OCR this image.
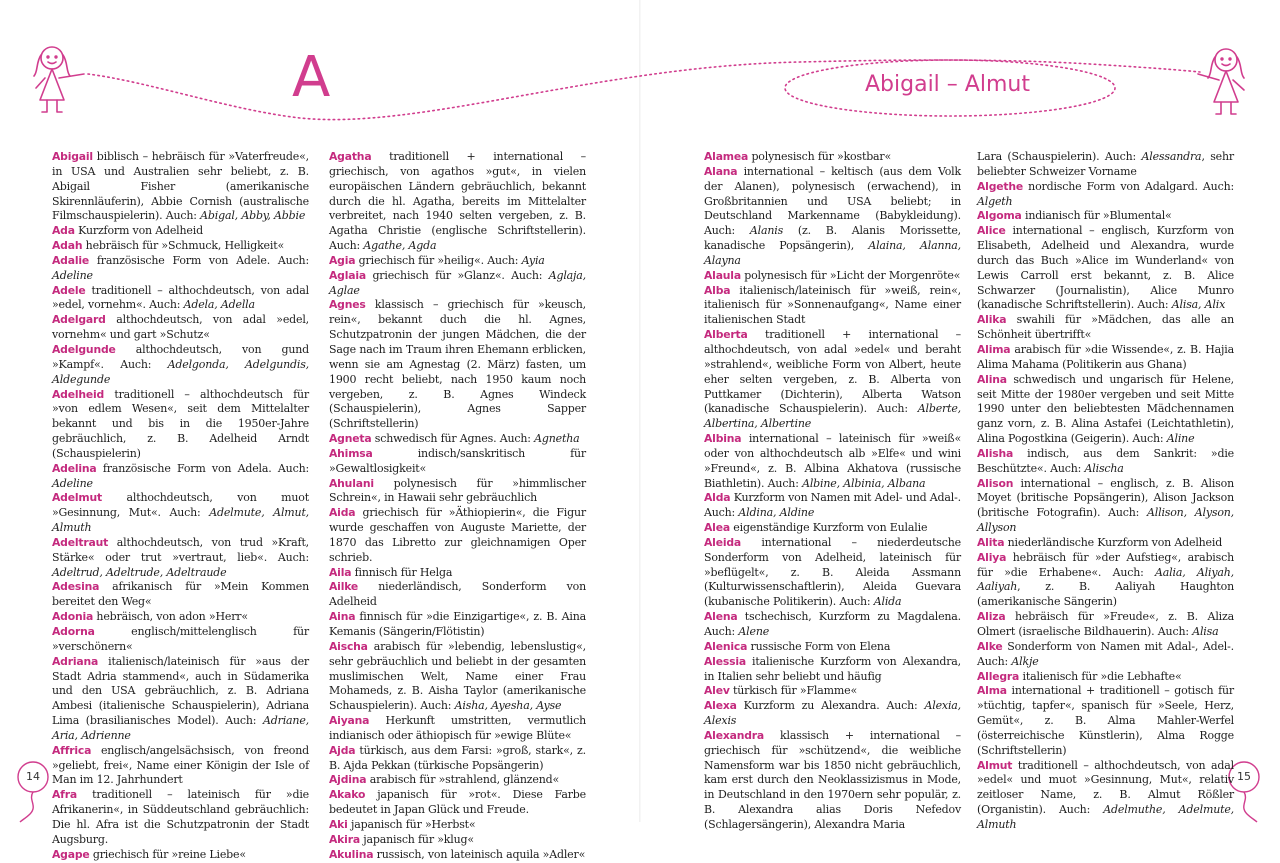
A	Abigail – Almut

Abigail biblisch – hebräisch für »Vaterfreude«, in USA und Australien sehr beliebt, z. B. Abigail Fisher (amerikanische Skirennläuferin), Abbie Cornish (australische Filmschauspielerin). Auch: Abigal, Abby, Abbie

Ada Kurzform von Adelheid

Adah hebräisch für »Schmuck, Helligkeit«

Adalie französische Form von Adele. Auch: Adeline

Adele traditionell – althochdeutsch, von adal »edel, vornehm«. Auch: Adela, Adella

Adelgard althochdeutsch, von adal »edel, vornehm« und gart »Schutz«

Adelgunde althochdeutsch, von gund »Kampf«. Auch: Adelgonda, Adelgundis, Aldegunde

Adelheid traditionell – althochdeutsch für »von edlem Wesen«, seit dem Mittelalter bekannt und bis in die 1950er-Jahre gebräuchlich, z. B. Adelheid Arndt (Schauspielerin)

Adelina französische Form von Adela. Auch: Adeline

Adelmut althochdeutsch, von muot »Gesinnung, Mut«. Auch: Adelmute, Almut, Almuth

Adeltraut althochdeutsch, von trud »Kraft, Stärke« oder trut »vertraut, lieb«. Auch: Adeltrud, Adeltrude, Adeltraude

Adesina afrikanisch für »Mein Kommen bereitet den Weg«

Adonia hebräisch, von adon »Herr«

Adorna englisch/mittelenglisch für »verschönern«

Adriana italienisch/lateinisch für »aus der Stadt Adria stammend«, auch in Südamerika und den USA gebräuchlich, z. B. Adriana Ambesi (italienische Schauspielerin), Adriana Lima (brasilianisches Model). Auch: Adriane, Aria, Adrienne

Affrica englisch/angelsächsisch, von freond »geliebt, frei«, Name einer Königin der Isle of Man im 12. Jahrhundert

Afra traditionell – lateinisch für »die Afrikanerin«, in Süddeutschland gebräuchlich: Die hl. Afra ist die Schutzpatronin der Stadt Augsburg.

Agape griechisch für »reine Liebe«

Agatha traditionell + international – griechisch, von agathos »gut«, in vielen europäischen Ländern gebräuchlich, bekannt durch die hl. Agatha, bereits im Mittelalter verbreitet, nach 1940 selten vergeben, z. B. Agatha Christie (englische Schriftstellerin). Auch: Agathe, Agda

Agia griechisch für »heilig«. Auch: Ayia

Aglaia griechisch für »Glanz«. Auch: Aglaja, Aglae

Agnes klassisch – griechisch für »keusch, rein«, bekannt duch die hl. Agnes, Schutzpatronin der jungen Mädchen, die der Sage nach im Traum ihren Ehemann erblicken, wenn sie am Agnestag (2. März) fasten, um 1900 recht beliebt, nach 1950 kaum noch vergeben, z. B. Agnes Windeck (Schauspielerin), Agnes Sapper (Schriftstellerin)

Agneta schwedisch für Agnes. Auch: Agnetha

Ahimsa indisch/sanskritisch für »Gewaltlosigkeit«

Ahulani polynesisch für »himmlischer Schrein«, in Hawaii sehr gebräuchlich

Aida griechisch für »Äthiopierin«, die Figur wurde geschaffen von Auguste Mariette, der 1870 das Libretto zur gleichnamigen Oper schrieb.

Aila finnisch für Helga

Ailke niederländisch, Sonderform von Adelheid

Aina finnisch für »die Einzigartige«, z. B. Aina Kemanis (Sängerin/Flötistin)

Aischa arabisch für »lebendig, lebenslustig«, sehr gebräuchlich und beliebt in der gesamten muslimischen Welt, Name einer Frau Mohameds, z. B. Aisha Taylor (amerikanische Schauspielerin). Auch: Aisha, Ayesha, Ayse

Aiyana Herkunft umstritten, vermutlich indianisch oder äthiopisch für »ewige Blüte«

Ajda türkisch, aus dem Farsi: »groß, stark«, z. B. Ajda Pekkan (türkische Popsängerin)

Ajdina arabisch für »strahlend, glänzend«

Akako japanisch für »rot«. Diese Farbe bedeutet in Japan Glück und Freude.

Aki japanisch für »Herbst«

Akira japanisch für »klug«

Akulina russisch, von lateinisch aquila »Adler«

Alamea polynesisch für »kostbar«

Alana international – keltisch (aus dem Volk der Alanen), polynesisch (erwachend), in Großbritannien und USA beliebt; in Deutschland Markenname (Babykleidung). Auch: Alanis (z. B. Alanis Morissette, kanadische Popsängerin), Alaina, Alanna, Alayna

Alaula polynesisch für »Licht der Morgenröte«

Alba italienisch/lateinisch für »weiß, rein«, italienisch für »Sonnenaufgang«, Name einer italienischen Stadt

Alberta traditionell + international – althochdeutsch, von adal »edel« und beraht »strahlend«, weibliche Form von Albert, heute eher selten vergeben, z. B. Alberta von Puttkamer (Dichterin), Alberta Watson (kanadische Schauspielerin). Auch: Alberte, Albertina, Albertine

Albina international – lateinisch für »weiß« oder von althochdeutsch alb »Elfe« und wini »Freund«, z. B. Albina Akhatova (russische Biathletin). Auch: Albine, Albinia, Albana

Alda Kurzform von Namen mit Adel- und Adal-. Auch: Aldina, Aldine

Alea eigenständige Kurzform von Eulalie

Aleida international – niederdeutsche Sonderform von Adelheid, lateinisch für »beflügelt«, z. B. Aleida Assmann (Kulturwissenschaftlerin), Aleida Guevara (kubanische Politikerin). Auch: Alida

Alena tschechisch, Kurzform zu Magdalena. Auch: Alene

Alenica russische Form von Elena

Alessia italienische Kurzform von Alexandra, in Italien sehr beliebt und häufig

Alev türkisch für »Flamme«

Alexa Kurzform zu Alexandra. Auch: Alexia, Alexis

Alexandra klassisch + international – griechisch für »schützend«, die weibliche Namensform war bis 1850 nicht gebräuchlich, kam erst durch den Neoklassizismus in Mode, in Deutschland in den 1970ern sehr populär, z. B. Alexandra alias Doris Nefedov (Schlagersängerin), Alexandra Maria

Lara (Schauspielerin). Auch: Alessandra, sehr beliebter Schweizer Vorname

Algethe nordische Form von Adalgard. Auch: Algeth

Algoma indianisch für »Blumental«

Alice international – englisch, Kurzform von Elisabeth, Adelheid und Alexandra, wurde durch das Buch »Alice im Wunderland« von Lewis Carroll erst bekannt, z. B. Alice Schwarzer (Journalistin), Alice Munro (kanadische Schriftstellerin). Auch: Alisa, Alix

Alika swahili für »Mädchen, das alle an Schönheit übertrifft«

Alima arabisch für »die Wissende«, z. B. Hajia Alima Mahama (Politikerin aus Ghana)

Alina schwedisch und ungarisch für Helene, seit Mitte der 1980er vergeben und seit Mitte 1990 unter den beliebtesten Mädchennamen ganz vorn, z. B. Alina Astafei (Leichtathletin), Alina Pogostkina (Geigerin). Auch: Aline

Alisha indisch, aus dem Sankrit: »die Beschützte«. Auch: Alischa

Alison international – englisch, z. B. Alison Moyet (britische Popsängerin), Alison Jackson (britische Fotografin). Auch: Allison, Alyson, Allyson

Alita niederländische Kurzform von Adelheid

Aliya hebräisch für »der Aufstieg«, arabisch für »die Erhabene«. Auch: Aalia, Aliyah, Aaliyah, z. B. Aaliyah Haughton (amerikanische Sängerin)

Aliza hebräisch für »Freude«, z. B. Aliza Olmert (israelische Bildhauerin). Auch: Alisa

Alke Sonderform von Namen mit Adal-, Adel-. Auch: Alkje

Allegra italienisch für »die Lebhafte«

Alma international + traditionell – gotisch für »tüchtig, tapfer«, spanisch für »Seele, Herz, Gemüt«, z. B. Alma Mahler-Werfel (österreichische Künstlerin), Alma Rogge (Schriftstellerin)

Almut traditionell – althochdeutsch, von adal »edel« und muot »Gesinnung, Mut«, relativ zeitloser Name, z. B. Almut Rößler (Organistin). Auch: Adelmuthe, Adelmute, Almuth

14	15
